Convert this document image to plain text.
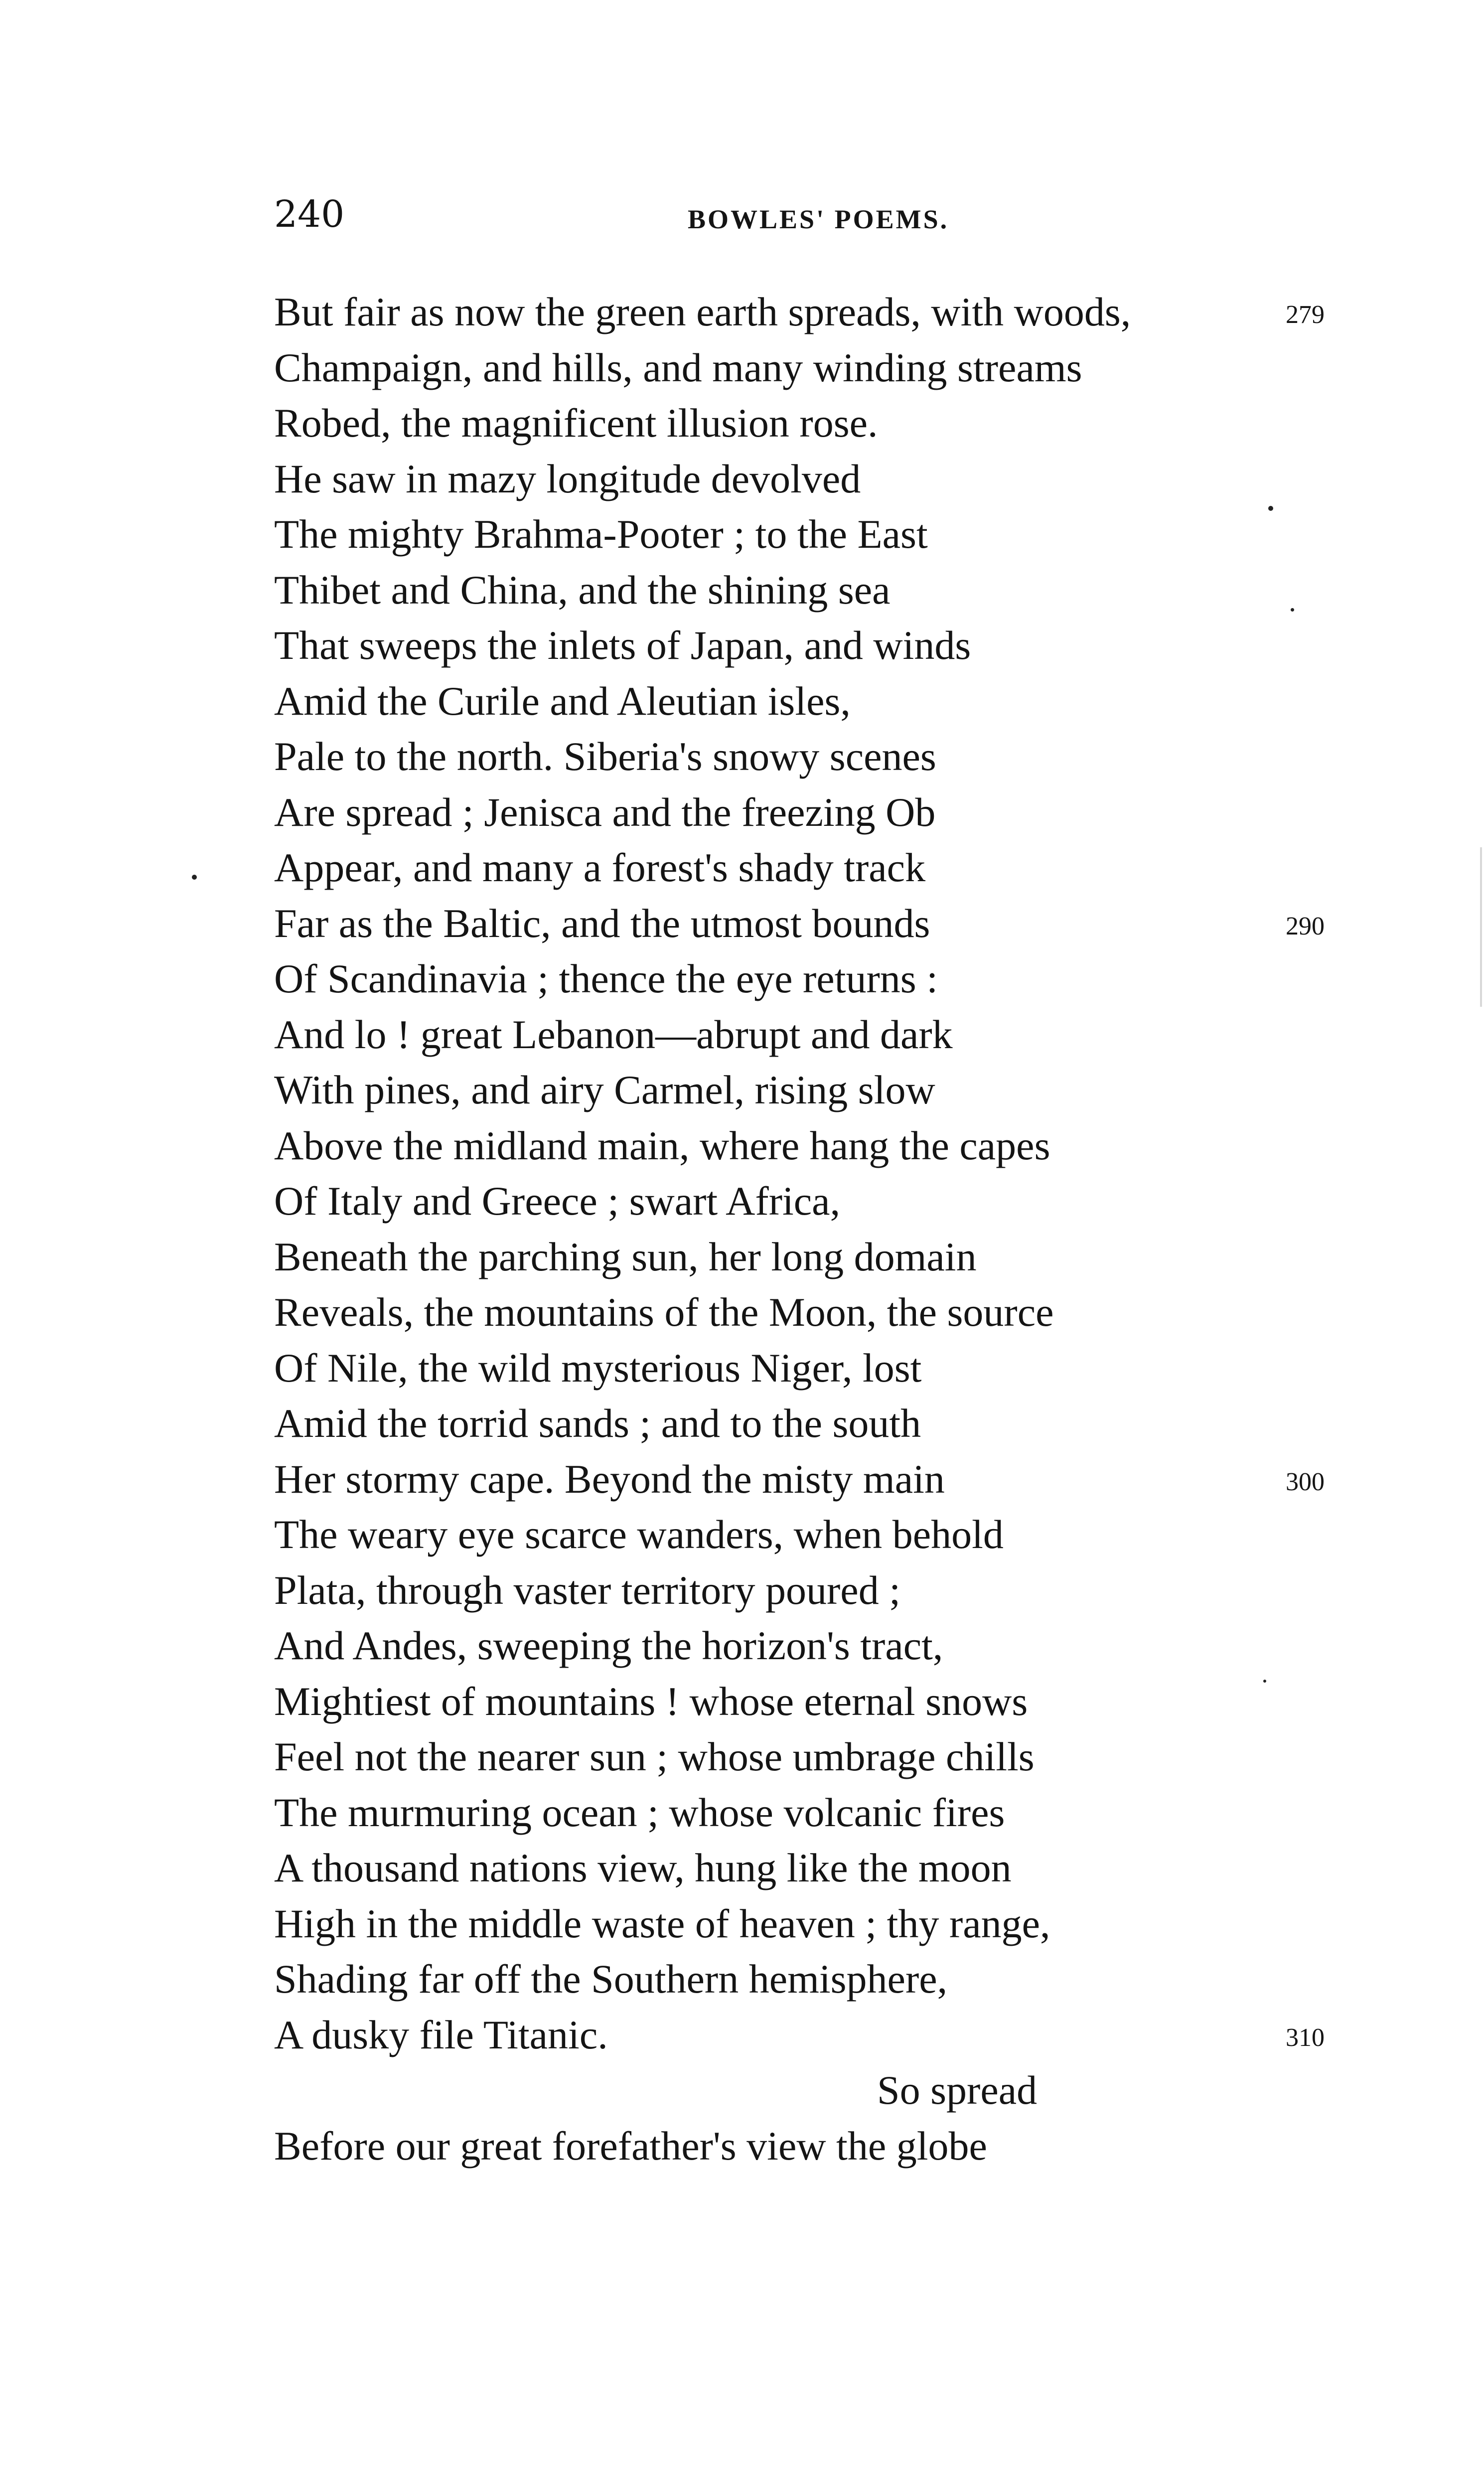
240	BOWLES' POEMS.
But fair as now the green earth spreads, with woods,	279
Champaign, and hills, and many winding streams
Robed, the magnificent illusion rose.
He saw in mazy longitude devolved
The mighty Brahma-Pooter ; to the East
Thibet and China, and the shining sea
That sweeps the inlets of Japan, and winds
Amid the Curile and Aleutian isles,
Pale to the north. Siberia's snowy scenes
Are spread ; Jenisca and the freezing Ob
Appear, and many a forest's shady track
Far as the Baltic, and the utmost bounds	290
Of Scandinavia ; thence the eye returns :
And lo ! great Lebanon—abrupt and dark
With pines, and airy Carmel, rising slow
Above the midland main, where hang the capes
Of Italy and Greece ; swart Africa,
Beneath the parching sun, her long domain
Reveals, the mountains of the Moon, the source
Of Nile, the wild mysterious Niger, lost
Amid the torrid sands ; and to the south
Her stormy cape. Beyond the misty main	300
The weary eye scarce wanders, when behold
Plata, through vaster territory poured ;
And Andes, sweeping the horizon's tract,
Mightiest of mountains ! whose eternal snows
Feel not the nearer sun ; whose umbrage chills
The murmuring ocean ; whose volcanic fires
A thousand nations view, hung like the moon
High in the middle waste of heaven ; thy range,
Shading far off the Southern hemisphere,
A dusky file Titanic.	310
So spread
Before our great forefather's view the globe
